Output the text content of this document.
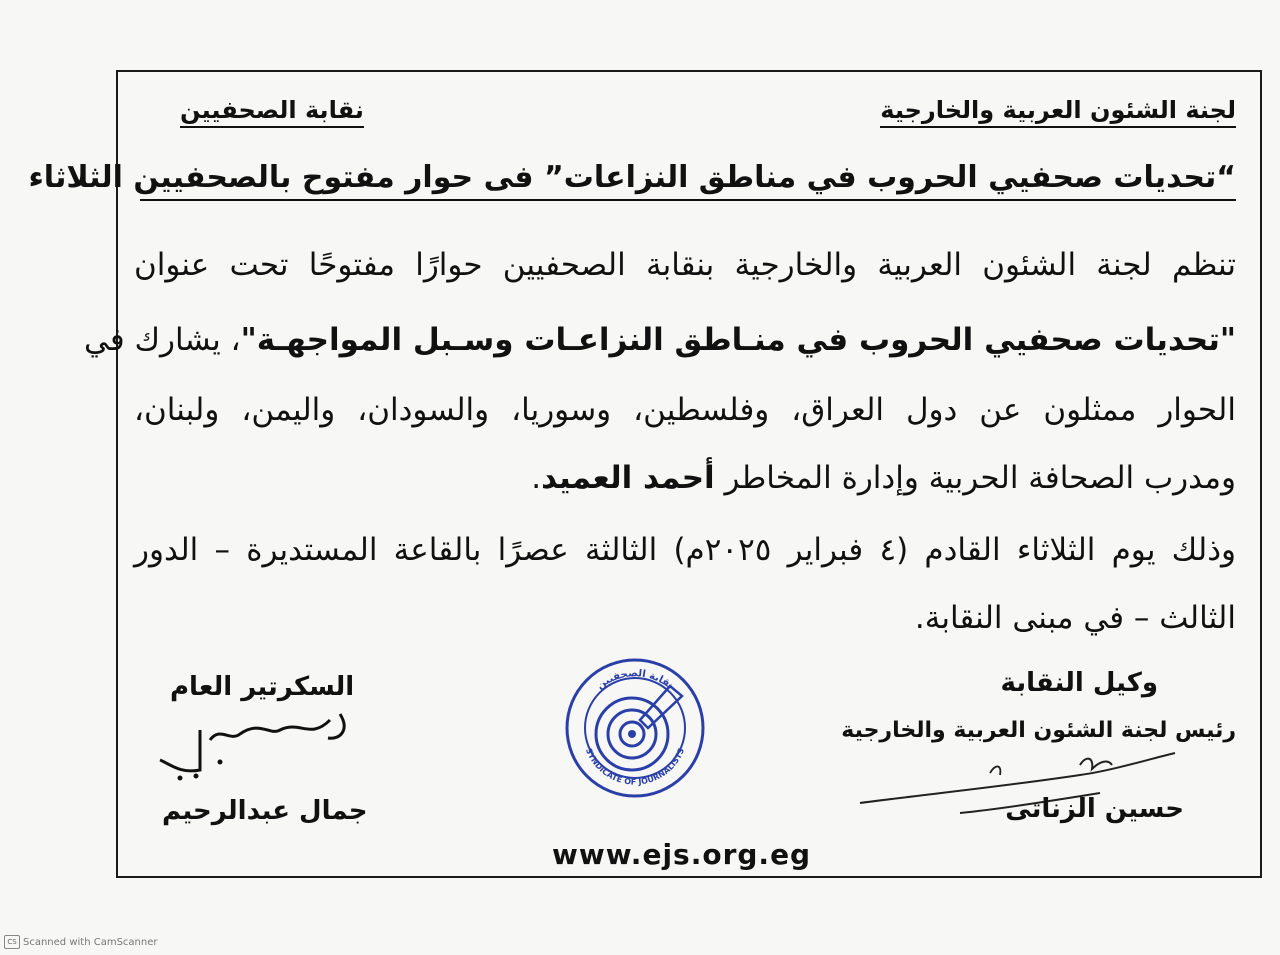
لجنة الشئون العربية والخارجية
نقابة الصحفيين
“تحديات صحفيي الحروب في مناطق النزاعات” فى حوار مفتوح بالصحفيين الثلاثاء
تنظم لجنة الشئون العربية والخارجية بنقابة الصحفيين حوارًا مفتوحًا تحت عنوان
"تحديات صحفيي الحروب في منـاطق النزاعـات وسـبل المواجهـة"، يشارك في
الحوار ممثلون عن دول العراق، وفلسطين، وسوريا، والسودان، واليمن، ولبنان،
ومدرب الصحافة الحربية وإدارة المخاطر أحمد العميد.
وذلك يوم الثلاثاء القادم (٤ فبراير ٢٠٢٥م) الثالثة عصرًا بالقاعة المستديرة – الدور
الثالث – في مبنى النقابة.
وكيل النقابة
رئيس لجنة الشئون العربية والخارجية
حسين الزناتى
السكرتير العام
جمال عبدالرحيم
نقابة الصحفيين
SYNDICATE OF JOURNALISTS
www.ejs.org.eg
CS Scanned with CamScanner
